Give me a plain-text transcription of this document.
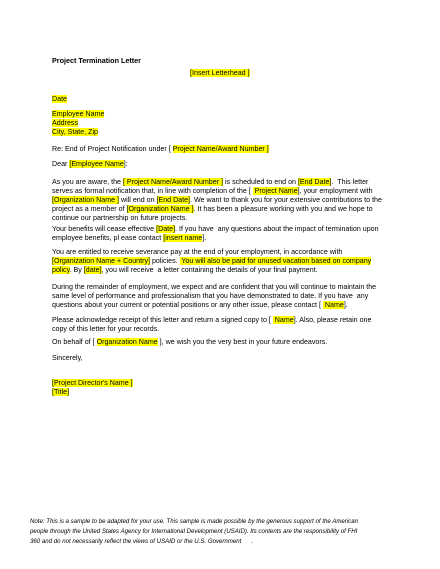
Project Termination Letter
[Insert Letterhead ]
Date
Employee Name
Address
City, State, Zip
Re: End of Project Notification under [ Project Name/Award Number ]
Dear [Employee Name]:
As you are aware, the [ Project Name/Award Number ] is scheduled to end on [End Date].  This letter
serves as formal notification that, in line with completion of the [  Project Name], your employment with
[Organization Name ] will end on [End Date]. We want to thank you for your extensive contributions to the
project as a member of [Organization Name ]. It has been a pleasure working with you and we hope to
continue our partnership on future projects.
Your benefits will cease effective [Date]. If you have  any questions about the impact of termination upon
employee benefits, pl ease contact [insert name].
You are entitled to receive severance pay at the end of your employment, in accordance with
[Organization Name + Country] policies.  You will also be paid for unused vacation based on company
policy. By [date], you will receive  a letter containing the details of your final payment.
During the remainder of employment, we expect and are confident that you will continue to maintain the
same level of performance and professionalism that you have demonstrated to date. If you have  any
questions about your current or potential positions or any other issue, please contact [  Name].
Please acknowledge receipt of this letter and return a signed copy to [  Name]. Also, please retain one
copy of this letter for your records.
On behalf of [ Organization Name ], we wish you the very best in your future endeavors.
Sincerely,
[Project Director's Name ]
[Title]
Note: This is a sample to be adapted for your use. This sample is made possible by the generous support of the American
people through the United States Agency for International Development (USAID). Its contents are the responsibility of FHI
360 and do not necessarily reflect the views of USAID or the U.S. Government      .
